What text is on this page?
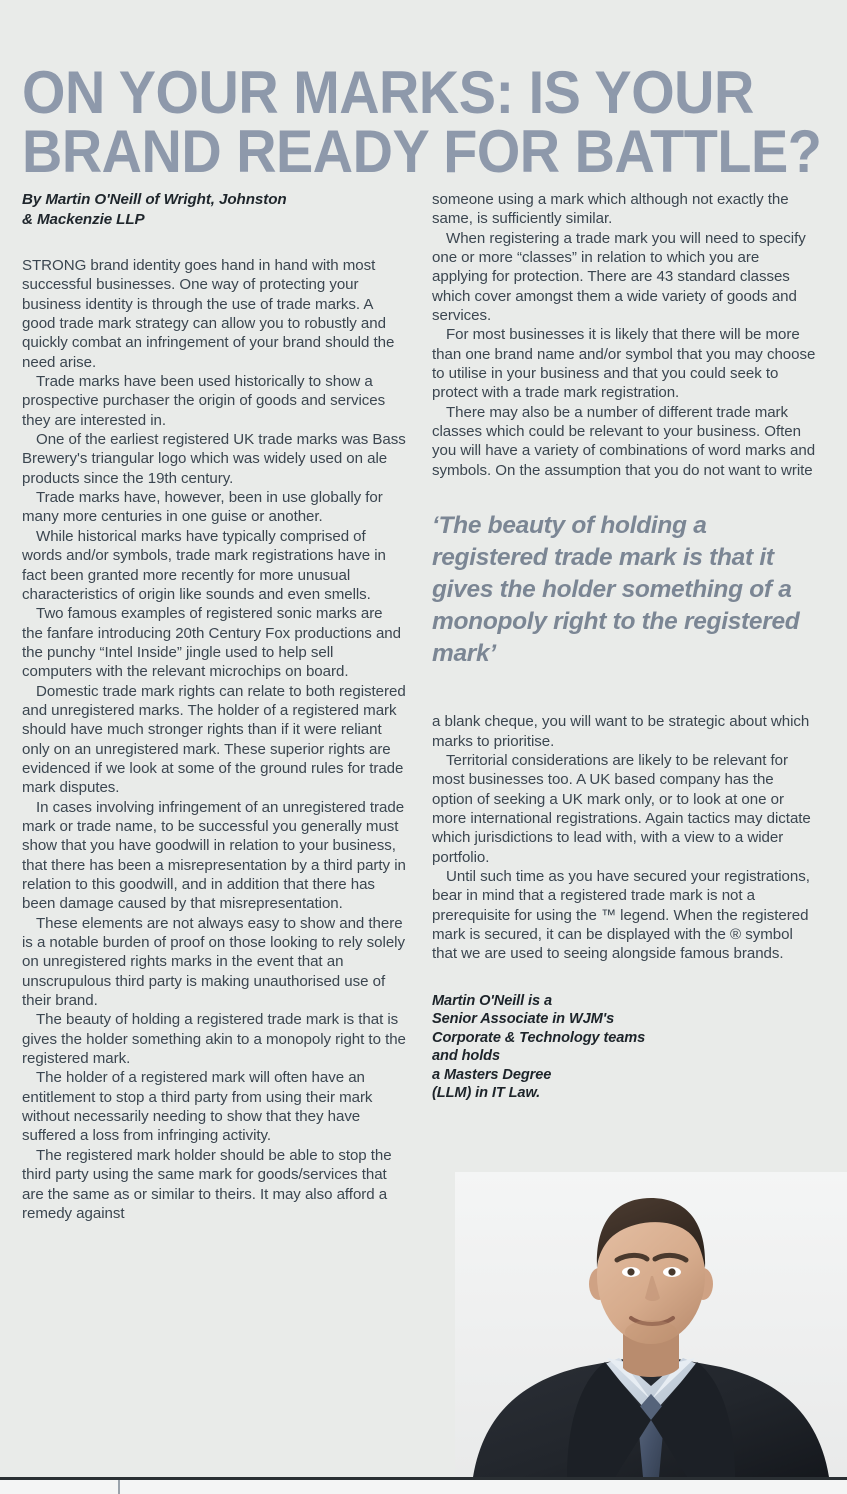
ON YOUR MARKS: IS YOUR
BRAND READY FOR BATTLE?
By Martin O'Neill of Wright, Johnston
& Mackenzie LLP

STRONG brand identity goes hand in hand with most successful businesses. One way of protecting your business identity is through the use of trade marks. A good trade mark strategy can allow you to robustly and quickly combat an infringement of your brand should the need arise.

Trade marks have been used historically to show a prospective purchaser the origin of goods and services they are interested in.

One of the earliest registered UK trade marks was Bass Brewery's triangular logo which was widely used on ale products since the 19th century.

Trade marks have, however, been in use globally for many more centuries in one guise or another.

While historical marks have typically comprised of words and/or symbols, trade mark registrations have in fact been granted more recently for more unusual characteristics of origin like sounds and even smells.

Two famous examples of registered sonic marks are the fanfare introducing 20th Century Fox productions and the punchy “Intel Inside” jingle used to help sell computers with the relevant microchips on board.

Domestic trade mark rights can relate to both registered and unregistered marks. The holder of a registered mark should have much stronger rights than if it were reliant only on an unregistered mark. These superior rights are evidenced if we look at some of the ground rules for trade mark disputes.

In cases involving infringement of an unregistered trade mark or trade name, to be successful you generally must show that you have goodwill in relation to your business, that there has been a misrepresentation by a third party in relation to this goodwill, and in addition that there has been damage caused by that misrepresentation.

These elements are not always easy to show and there is a notable burden of proof on those looking to rely solely on unregistered rights marks in the event that an unscrupulous third party is making unauthorised use of their brand.

The beauty of holding a registered trade mark is that is gives the holder something akin to a monopoly right to the registered mark.

The holder of a registered mark will often have an entitlement to stop a third party from using their mark without necessarily needing to show that they have suffered a loss from infringing activity.

The registered mark holder should be able to stop the third party using the same mark for goods/services that are the same as or similar to theirs. It may also afford a remedy against

someone using a mark which although not exactly the same, is sufficiently similar.

When registering a trade mark you will need to specify one or more “classes” in relation to which you are applying for protection. There are 43 standard classes which cover amongst them a wide variety of goods and services.

For most businesses it is likely that there will be more than one brand name and/or symbol that you may choose to utilise in your business and that you could seek to protect with a trade mark registration.

There may also be a number of different trade mark classes which could be relevant to your business. Often you will have a variety of combinations of word marks and symbols. On the assumption that you do not want to write

‘The beauty of holding a registered trade mark is that it gives the holder something of a monopoly right to the registered mark’

a blank cheque, you will want to be strategic about which marks to prioritise.

Territorial considerations are likely to be relevant for most businesses too. A UK based company has the option of seeking a UK mark only, or to look at one or more international registrations. Again tactics may dictate which jurisdictions to lead with, with a view to a wider portfolio.

Until such time as you have secured your registrations, bear in mind that a registered trade mark is not a prerequisite for using the ™ legend. When the registered mark is secured, it can be displayed with the ® symbol that we are used to seeing alongside famous brands.

Martin O'Neill is a
Senior Associate in WJM's
Corporate & Technology teams
and holds
a Masters Degree
(LLM) in IT Law.
